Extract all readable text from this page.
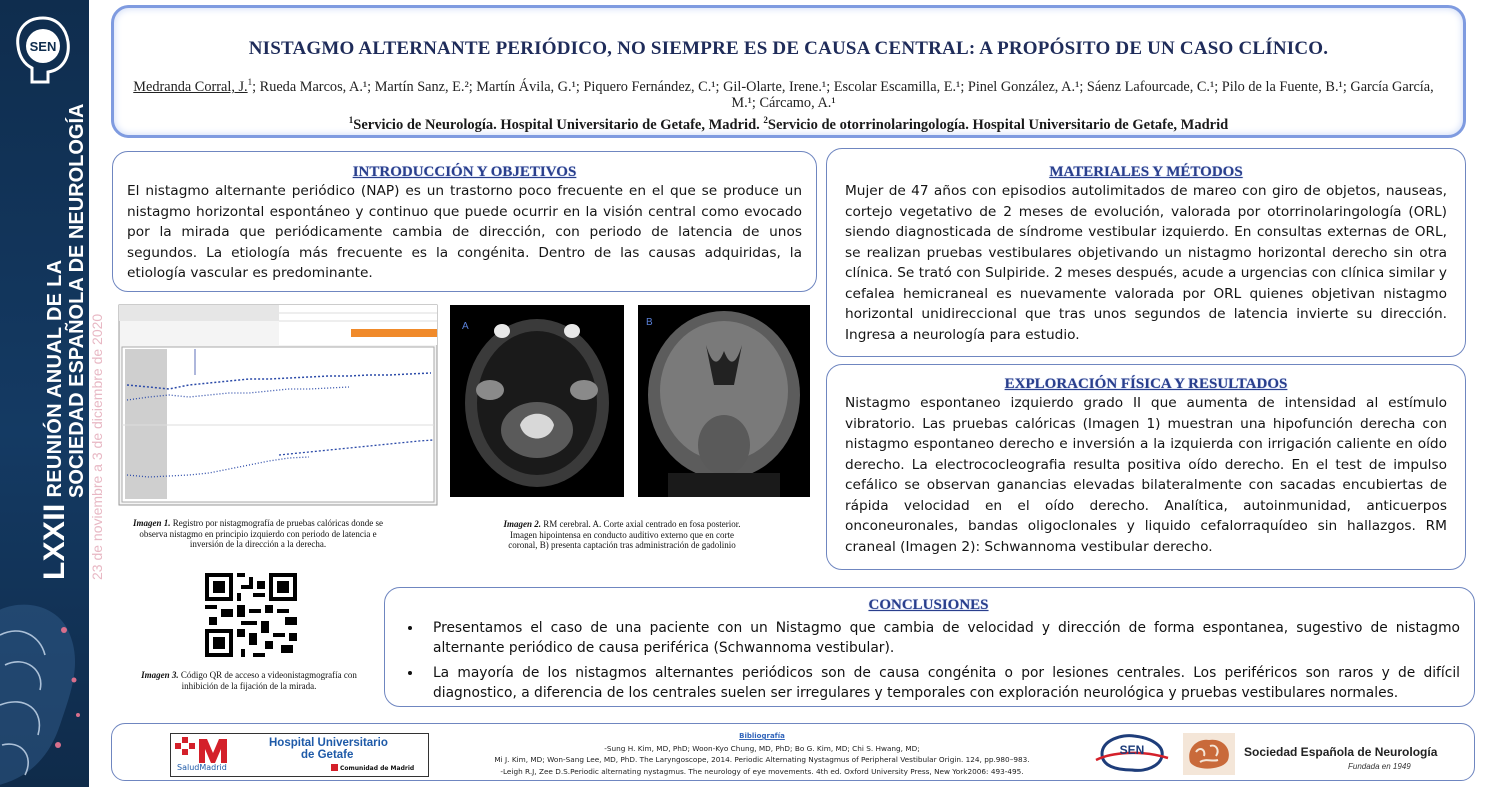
SEN
LXXIIREUNIÓN ANUAL DE LA SOCIEDAD ESPAÑOLA DE NEUROLOGÍA 23 de noviembre a 3 de diciembre de 2020
NISTAGMO ALTERNANTE PERIÓDICO, NO SIEMPRE ES DE CAUSA CENTRAL: A PROPÓSITO DE UN CASO CLÍNICO.
Medranda Corral, J.$^1$; Rueda Marcos, A.¹; Martín Sanz, E.²; Martín Ávila, G.¹; Piquero Fernández, C.¹; Gil-Olarte, Irene.¹; Escolar Escamilla, E.¹; Pinel González, A.¹; Sáenz Lafourcade, C.¹; Pilo de la Fuente, B.¹; García García, M.¹; Cárcamo, A.¹
$^1$Servicio de Neurología. Hospital Universitario de Getafe, Madrid. $^2$Servicio de otorrinolaringología. Hospital Universitario de Getafe, Madrid
INTRODUCCIÓN Y OBJETIVOS
El nistagmo alternante periódico (NAP) es un trastorno poco frecuente en el que se produce un nistagmo horizontal espontáneo y continuo que puede ocurrir en la visión central como evocado por la mirada que periódicamente cambia de dirección, con periodo de latencia de unos segundos. La etiología más frecuente es la congénita. Dentro de las causas adquiridas, la etiología vascular es predominante.
MATERIALES Y MÉTODOS
Mujer de 47 años con episodios autolimitados de mareo con giro de objetos, nauseas, cortejo vegetativo de 2 meses de evolución, valorada por otorrinolaringología (ORL) siendo diagnosticada de síndrome vestibular izquierdo. En consultas externas de ORL, se realizan pruebas vestibulares objetivando un nistagmo horizontal derecho sin otra clínica. Se trató con Sulpiride. 2 meses después, acude a urgencias con clínica similar y cefalea hemicraneal es nuevamente valorada por ORL quienes objetivan nistagmo horizontal unidireccional que tras unos segundos de latencia invierte su dirección. Ingresa a neurología para estudio.
EXPLORACIÓN FÍSICA Y RESULTADOS
Nistagmo espontaneo izquierdo grado II que aumenta de intensidad al estímulo vibratorio. Las pruebas calóricas (Imagen 1) muestran una hipofunción derecha con nistagmo espontaneo derecho e inversión a la izquierda con irrigación caliente en oído derecho. La electrococleografia resulta positiva oído derecho. En el test de impulso cefálico se observan ganancias elevadas bilateralmente con sacadas encubiertas de rápida velocidad en el oído derecho. Analítica, autoinmunidad, anticuerpos onconeuronales, bandas oligoclonales y liquido cefalorraquídeo sin hallazgos. RM craneal (Imagen 2): Schwannoma vestibular derecho.
Imagen 1. Registro por nistagmografía de pruebas calóricas donde se observa nistagmo en principio izquierdo con periodo de latencia e inversión de la dirección a la derecha.
A	B
Imagen 2. RM cerebral. A. Corte axial centrado en fosa posterior. Imagen hipointensa en conducto auditivo externo que en corte coronal, B) presenta captación tras administración de gadolinio
Imagen 3. Código QR de acceso a videonistagmografía con inhibición de la fijación de la mirada.
CONCLUSIONES
• Presentamos el caso de una paciente con un Nistagmo que cambia de velocidad y dirección de forma espontanea, sugestivo de nistagmo alternante periódico de causa periférica (Schwannoma vestibular).
• La mayoría de los nistagmos alternantes periódicos son de causa congénita o por lesiones centrales. Los periféricos son raros y de difícil diagnostico, a diferencia de los centrales suelen ser irregulares y temporales con exploración neurológica y pruebas vestibulares normales.
SaludMadrid
Hospital Universitario
de Getafe
Comunidad de Madrid
Bibliografía
-Sung H. Kim, MD, PhD; Woon-Kyo Chung, MD, PhD; Bo G. Kim, MD; Chi S. Hwang, MD;
Mi J. Kim, MD; Won-Sang Lee, MD, PhD. The Laryngoscope, 2014. Periodic Alternating Nystagmus of Peripheral Vestibular Origin. 124, pp.980–983.
-Leigh R.J, Zee D.S.Periodic alternating nystagmus. The neurology of eye movements. 4th ed. Oxford University Press, New York2006: 493-495.
SEN	Sociedad Española de Neurología
Fundada en 1949
